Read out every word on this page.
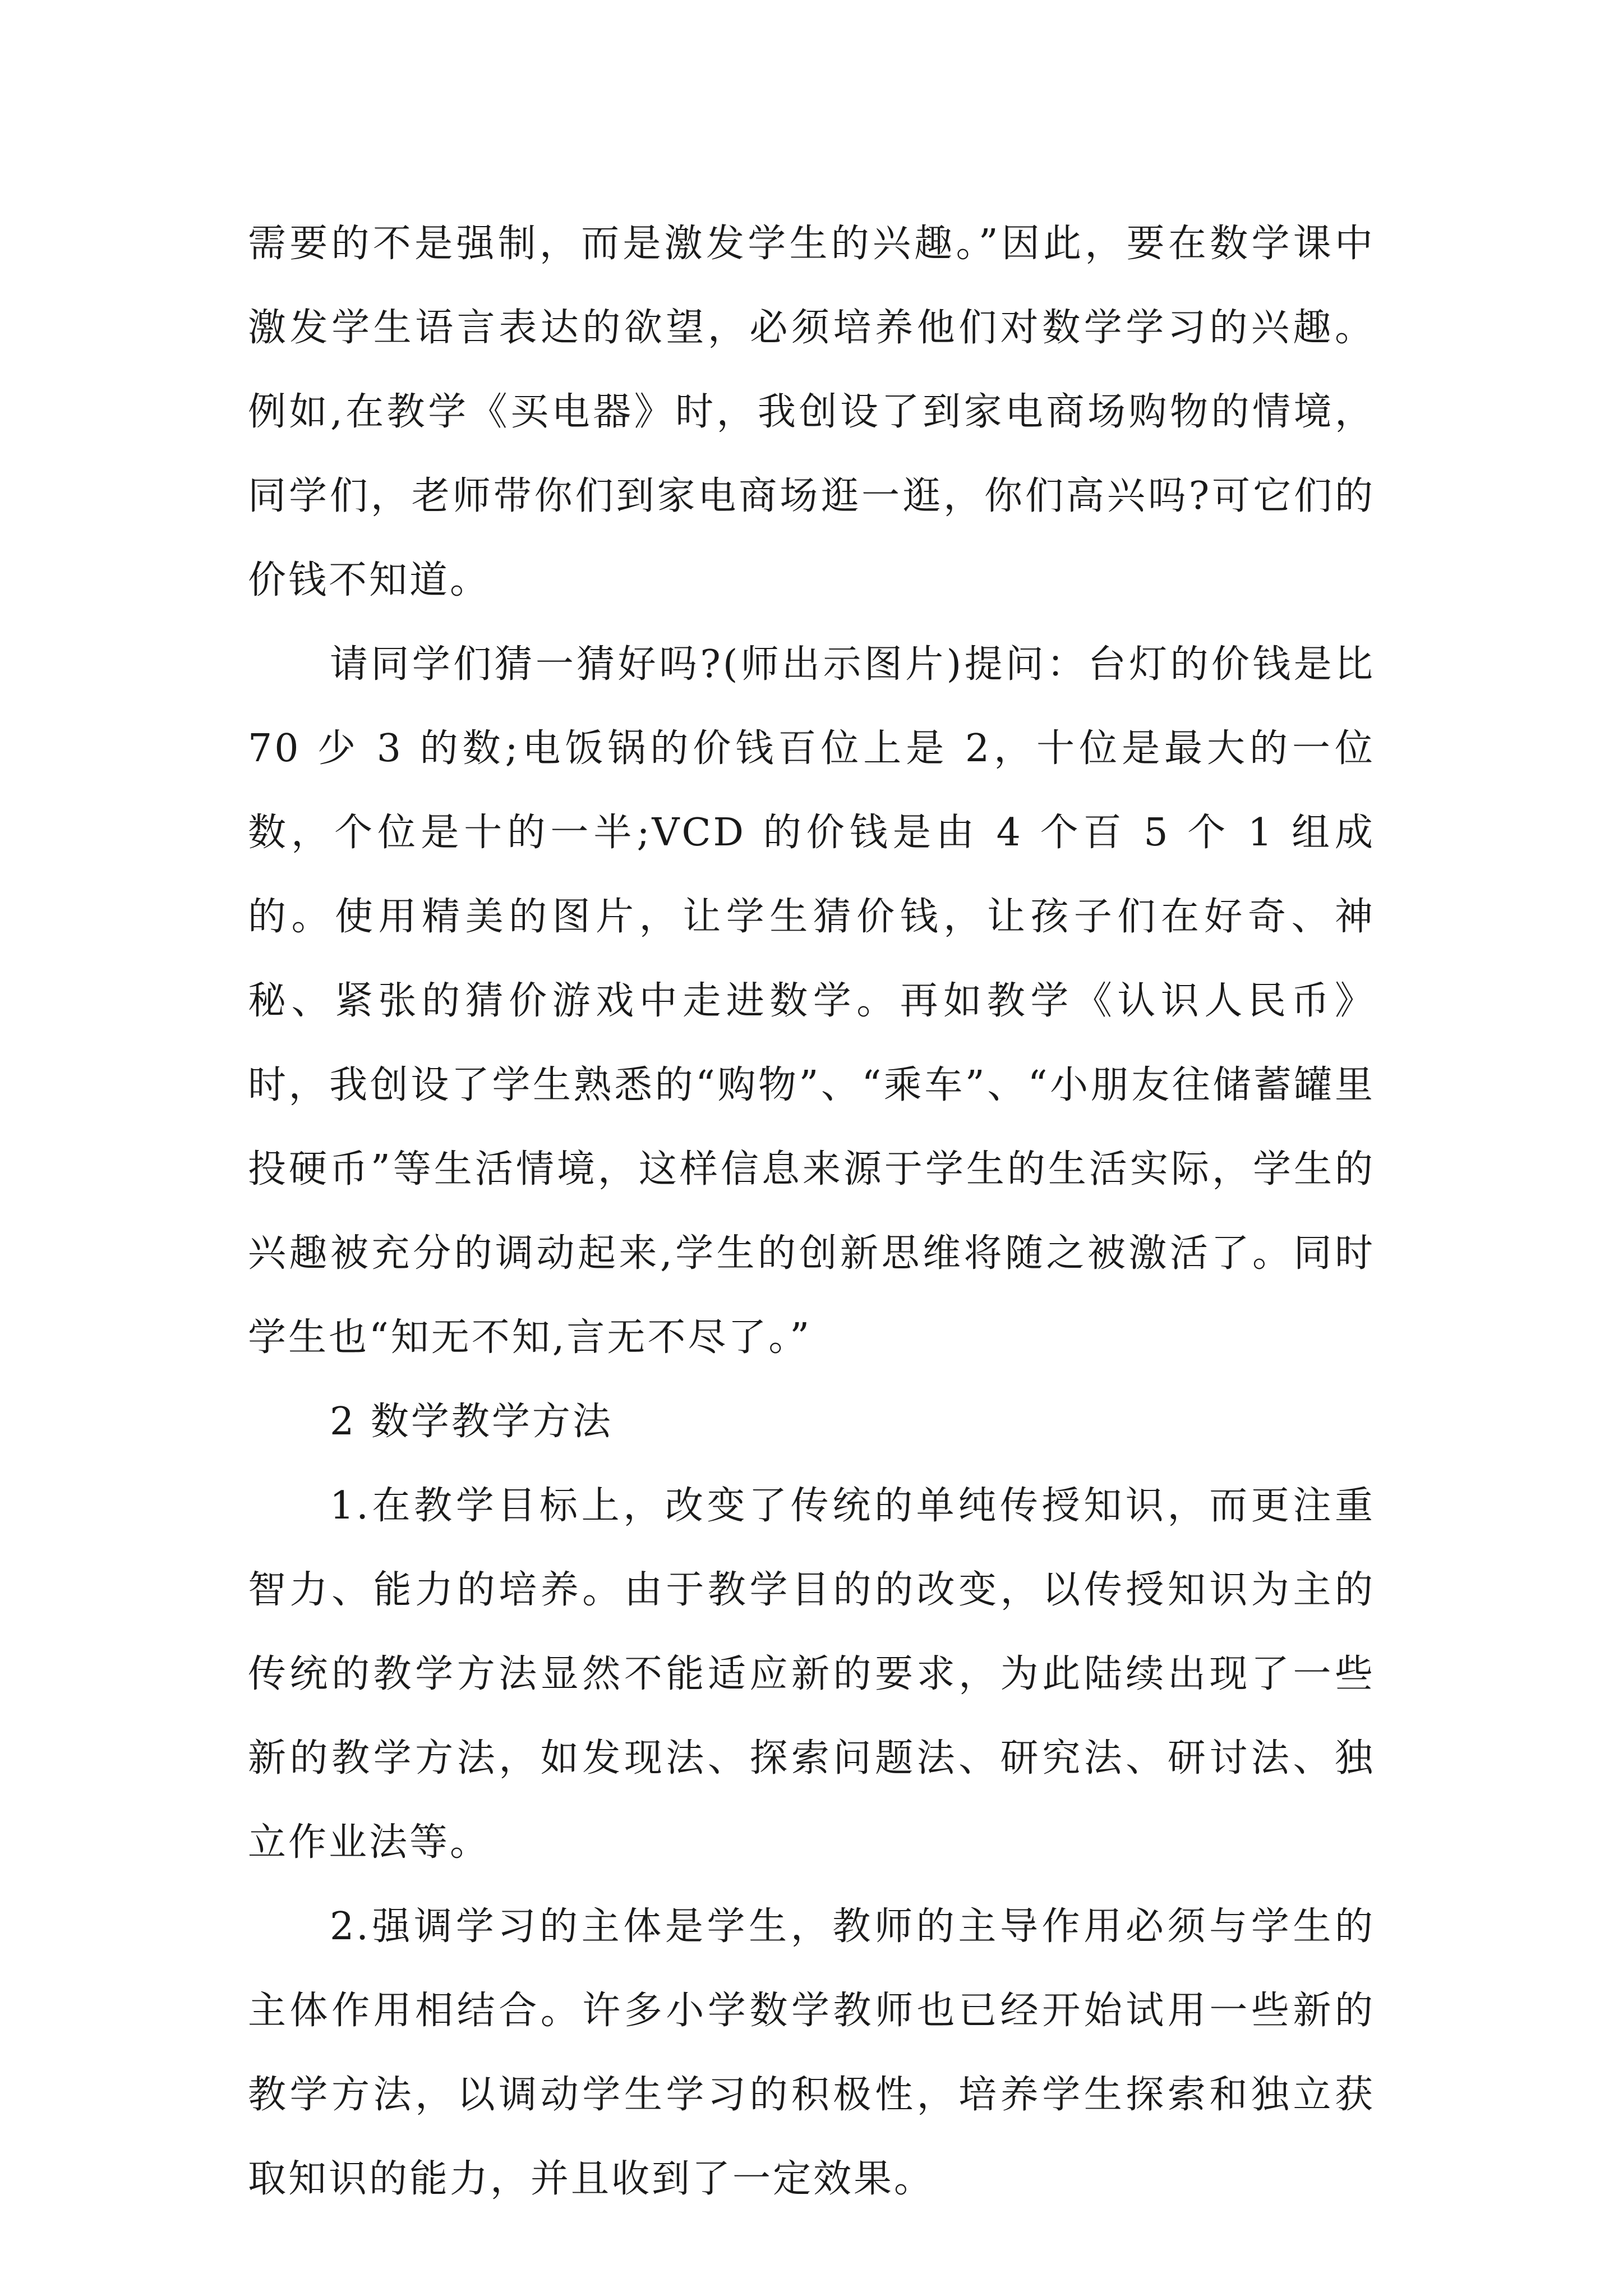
需要的不是强制，而是激发学生的兴趣。”因此，要在数学课中激发学生语言表达的欲望，必须培养他们对数学学习的兴趣。例如,在教学《买电器》时，我创设了到家电商场购物的情境，同学们，老师带你们到家电商场逛一逛，你们高兴吗?可它们的价钱不知道。

请同学们猜一猜好吗?(师出示图片)提问：台灯的价钱是比 70 少 3 的数;电饭锅的价钱百位上是 2，十位是最大的一位数，个位是十的一半;VCD 的价钱是由 4 个百 5 个 1 组成的。使用精美的图片，让学生猜价钱，让孩子们在好奇、神秘、紧张的猜价游戏中走进数学。再如教学《认识人民币》时，我创设了学生熟悉的“购物”、“乘车”、“小朋友往储蓄罐里投硬币”等生活情境，这样信息来源于学生的生活实际，学生的兴趣被充分的调动起来,学生的创新思维将随之被激活了。同时学生也“知无不知,言无不尽了。”

2 数学教学方法

1.在教学目标上，改变了传统的单纯传授知识，而更注重智力、能力的培养。由于教学目的的改变，以传授知识为主的传统的教学方法显然不能适应新的要求，为此陆续出现了一些新的教学方法，如发现法、探索问题法、研究法、研讨法、独立作业法等。

2.强调学习的主体是学生，教师的主导作用必须与学生的主体作用相结合。许多小学数学教师也已经开始试用一些新的教学方法，以调动学生学习的积极性，培养学生探索和独立获取知识的能力，并且收到了一定效果。
